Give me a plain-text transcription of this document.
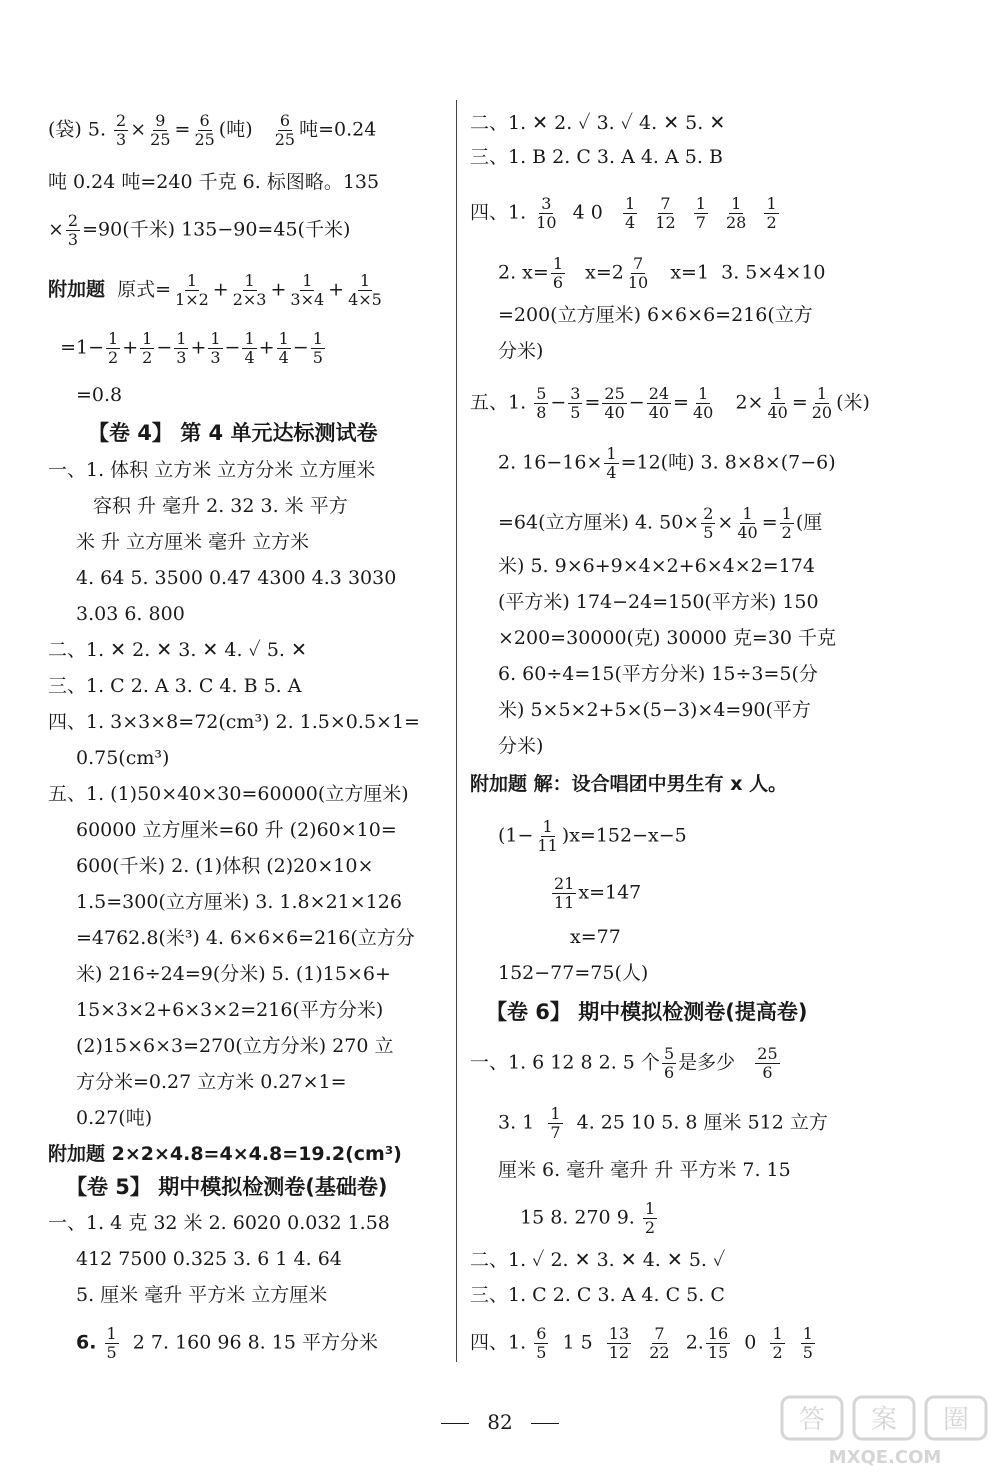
(袋) 5. $\frac{2}{3} \times \frac{9}{25} = \frac{6}{25}$ (吨) $\frac{6}{25}$ 吨=0.24
吨 0.24 吨=240 千克 6. 标图略。135
× $\frac{2}{3} =90$(千米) 135−90=45(千米)
附加题 原式= $\frac{1}{1\times 2} + \frac{1}{2\times 3} + \frac{1}{3\times 4} + \frac{1}{4\times 5}$
$=1- \frac{1}{2} + \frac{1}{2} - \frac{1}{3} + \frac{1}{3} - \frac{1}{4} + \frac{1}{4} - \frac{1}{5}$
=0.8
【卷 4】 第 4 单元达标测试卷
一、1. 体积 立方米 立方分米 立方厘米
容积 升 毫升 2. 32 3. 米 平方
米 升 立方厘米 毫升 立方米
4. 64 5. 3500 0.47 4300 4.3 3030
3.03 6. 800
二、1. ✕ 2. ✕ 3. ✕ 4. ✓ 5. ✕
三、1. C 2. A 3. C 4. B 5. A
四、1. 3×3×8=72(cm³) 2. 1.5×0.5×1=
0.75(cm³)
五、1. (1)50×40×30=60000(立方厘米)
60000 立方厘米=60 升 (2)60×10=
600(千米) 2. (1)体积 (2)20×10×
1.5=300(立方厘米) 3. 1.8×21×126
=4762.8(米³) 4. 6×6×6=216(立方分
米) 216÷24=9(分米) 5. (1)15×6+
15×3×2+6×3×2=216(平方分米)
(2)15×6×3=270(立方分米) 270 立
方分米=0.27 立方米 0.27×1=
0.27(吨)
附加题 2×2×4.8=4×4.8=19.2(cm³)
【卷 5】 期中模拟检测卷(基础卷)
一、1. 4 克 32 米 2. 6020 0.032 1.58
412 7500 0.325 3. 6 1 4. 64
5. 厘米 毫升 平方米 立方厘米
6. $\frac{1}{5} 2$ 7. 160 96 8. 15 平方分米
二、1. ✕ 2. ✓ 3. ✓ 4. ✕ 5. ✕
三、1. B 2. C 3. A 4. A 5. B
四、1. $\frac{3}{10} 4$ $0 \frac{1}{4}$
$\frac{7}{12}$
$\frac{1}{7}$
$\frac{1}{28}$
$\frac{1}{2}$
2. $x= \frac{1}{6} x=2 \frac{7}{10} x=1$  3. 5×4×10
=200(立方厘米) 6×6×6=216(立方
分米)
五、1. $\frac{5}{8} - \frac{3}{5} = \frac{25}{40} - \frac{24}{40} = \frac{1}{40} 2\times \frac{1}{40} = \frac{1}{20}$ (米)
2. $16-16\times \frac{1}{4} =12$(吨) 3. 8×8×(7−6)
=64(立方厘米) 4. $50\times \frac{2}{5} \times \frac{1}{40} = \frac{1}{2}$ (厘
米) 5. 9×6+9×4×2+6×4×2=174
(平方米) 174−24=150(平方米) 150
×200=30000(克) 30000 克=30 千克
6. 60÷4=15(平方分米) 15÷3=5(分
米) 5×5×2+5×(5−3)×4=90(平方
分米)
附加题 解：设合唱团中男生有 x 人。
$(1- \frac{1}{11} )x=152-x-5$
$\frac{21}{11} x=147$
x=77
152−77=75(人)
【卷 6】 期中模拟检测卷(提高卷)
一、1. 6 12 8 2. 5 个 $\frac{5}{6}$ 是多少 $\frac{25}{6}$
3. $1 \frac{1}{7} 4$. 25 10 5. 8 厘米 512 立方
厘米 6. 毫升 毫升 升 平方米 7. 15
15 8. 270 9. $\frac{1}{2}$
二、1. ✓ 2. ✕ 3. ✕ 4. ✕ 5. ✓
三、1. C 2. C 3. A 4. C 5. C
四、1. $\frac{6}{5} 1$ $5 \frac{13}{12}$
$\frac{7}{22} 2$. $\frac{16}{15} 0 \frac{1}{2}$
$\frac{1}{5}$
82	答 案 圈
MXQE.COM
